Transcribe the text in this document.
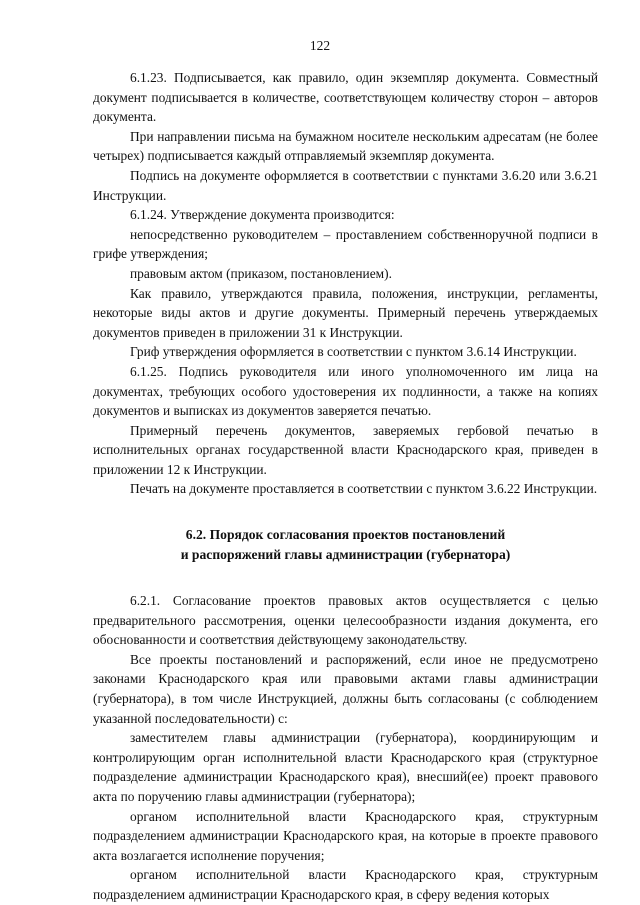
122

6.1.23. Подписывается, как правило, один экземпляр документа. Совместный документ подписывается в количестве, соответствующем количеству сторон – авторов документа.

При направлении письма на бумажном носителе нескольким адресатам (не более четырех) подписывается каждый отправляемый экземпляр документа.

Подпись на документе оформляется в соответствии с пунктами 3.6.20 или 3.6.21 Инструкции.

6.1.24. Утверждение документа производится:

непосредственно руководителем – проставлением собственноручной подписи в грифе утверждения;

правовым актом (приказом, постановлением).

Как правило, утверждаются правила, положения, инструкции, регламенты, некоторые виды актов и другие документы. Примерный перечень утверждаемых документов приведен в приложении 31 к Инструкции.

Гриф утверждения оформляется в соответствии с пунктом 3.6.14 Инструкции.

6.1.25. Подпись руководителя или иного уполномоченного им лица на документах, требующих особого удостоверения их подлинности, а также на копиях документов и выписках из документов заверяется печатью.

Примерный перечень документов, заверяемых гербовой печатью в исполнительных органах государственной власти Краснодарского края, приведен в приложении 12 к Инструкции.

Печать на документе проставляется в соответствии с пунктом 3.6.22 Инструкции.

6.2. Порядок согласования проектов постановлений

и распоряжений главы администрации (губернатора)

6.2.1. Согласование проектов правовых актов осуществляется с целью предварительного рассмотрения, оценки целесообразности издания документа, его обоснованности и соответствия действующему законодательству.

Все проекты постановлений и распоряжений, если иное не предусмотрено законами Краснодарского края или правовыми актами главы администрации (губернатора), в том числе Инструкцией, должны быть согласованы (с соблюдением указанной последовательности) с:

заместителем главы администрации (губернатора), координирующим и контролирующим орган исполнительной власти Краснодарского края (структурное подразделение администрации Краснодарского края), внесший(ее) проект правового акта по поручению главы администрации (губернатора);

органом исполнительной власти Краснодарского края, структурным подразделением администрации Краснодарского края, на которые в проекте правового акта возлагается исполнение поручения;

органом исполнительной власти Краснодарского края, структурным подразделением администрации Краснодарского края, в сферу ведения которых
